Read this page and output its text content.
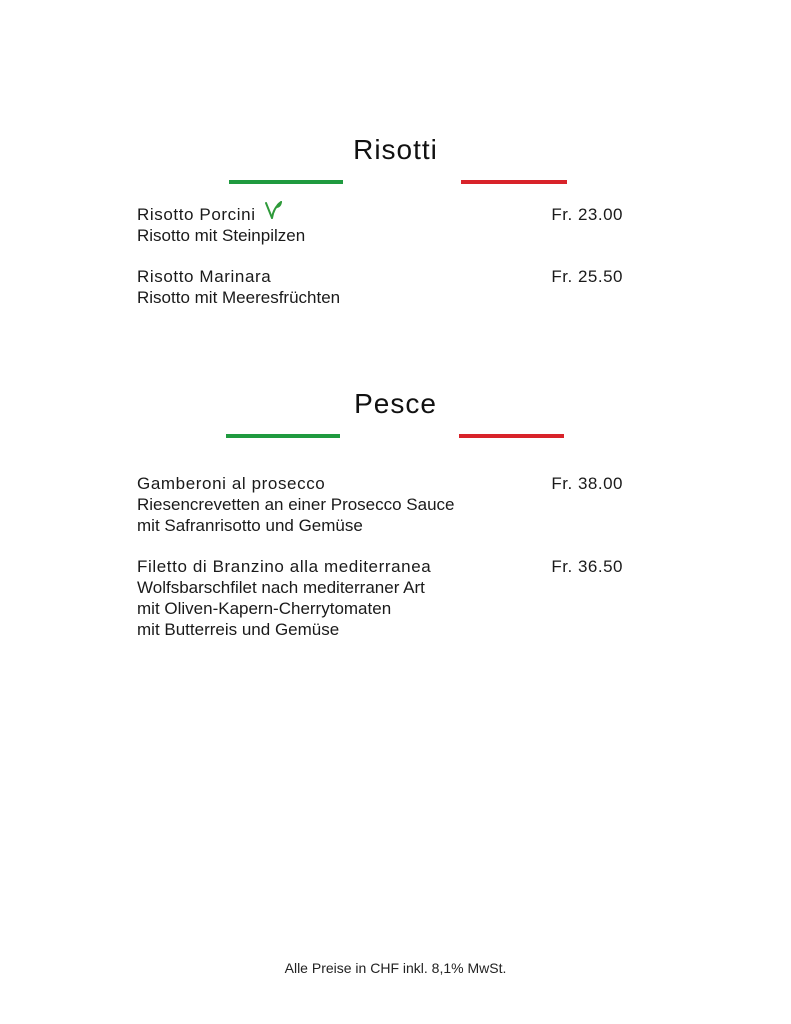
Risotti
Risotto Porcini	Fr. 23.00
Risotto mit Steinpilzen
Risotto Marinara	Fr. 25.50
Risotto mit Meeresfrüchten
Pesce
Gamberoni al prosecco	Fr. 38.00
Riesencrevetten an einer Prosecco Sauce
mit Safranrisotto und Gemüse
Filetto di Branzino alla mediterranea	Fr. 36.50
Wolfsbarschfilet nach mediterraner Art
mit Oliven-Kapern-Cherrytomaten
mit Butterreis und Gemüse
Alle Preise in CHF inkl. 8,1% MwSt.
